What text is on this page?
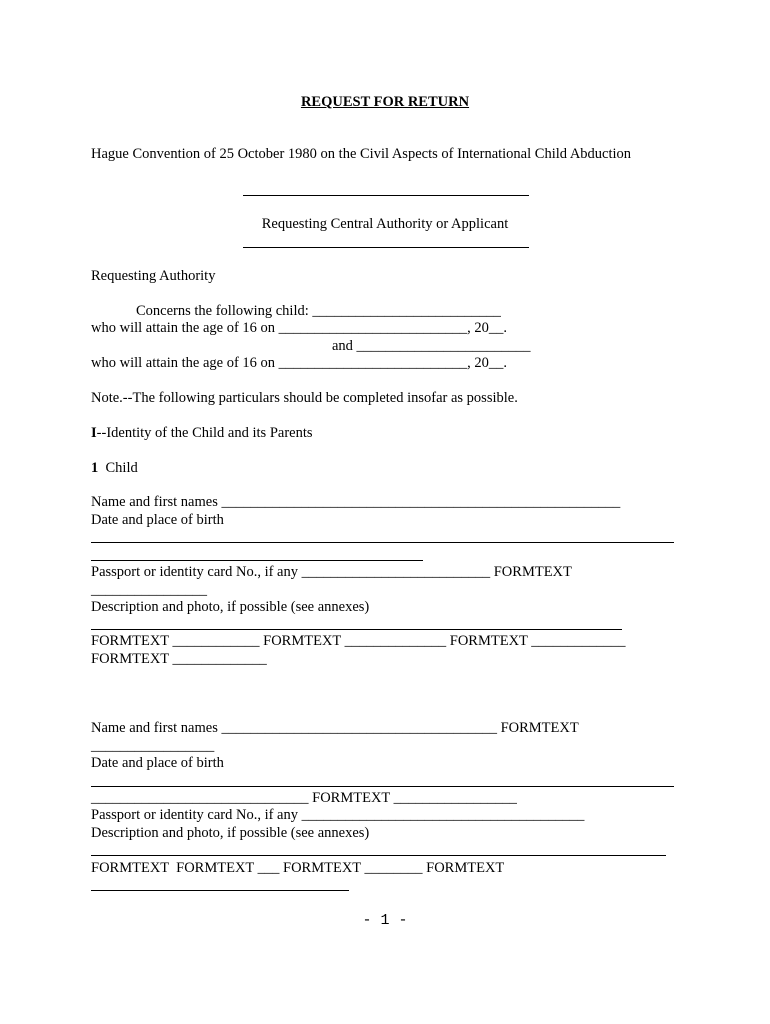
REQUEST FOR RETURN
Hague Convention of 25 October 1980 on the Civil Aspects of International Child Abduction
Requesting Central Authority or Applicant
Requesting Authority
Concerns the following child: __________________________
who will attain the age of 16 on __________________________, 20__.
and ________________________
who will attain the age of 16 on __________________________, 20__.
Note.--The following particulars should be completed insofar as possible.
I--Identity of the Child and its Parents
1 Child
Name and first names _______________________________________________________
Date and place of birth
Passport or identity card No., if any __________________________ FORMTEXT
________________
Description and photo, if possible (see annexes)
FORMTEXT ____________ FORMTEXT ______________ FORMTEXT _____________
FORMTEXT _____________
Name and first names ______________________________________ FORMTEXT
_________________
Date and place of birth
______________________________ FORMTEXT _________________
Passport or identity card No., if any _______________________________________
Description and photo, if possible (see annexes)
FORMTEXT  FORMTEXT ___ FORMTEXT ________ FORMTEXT
- 1 -
